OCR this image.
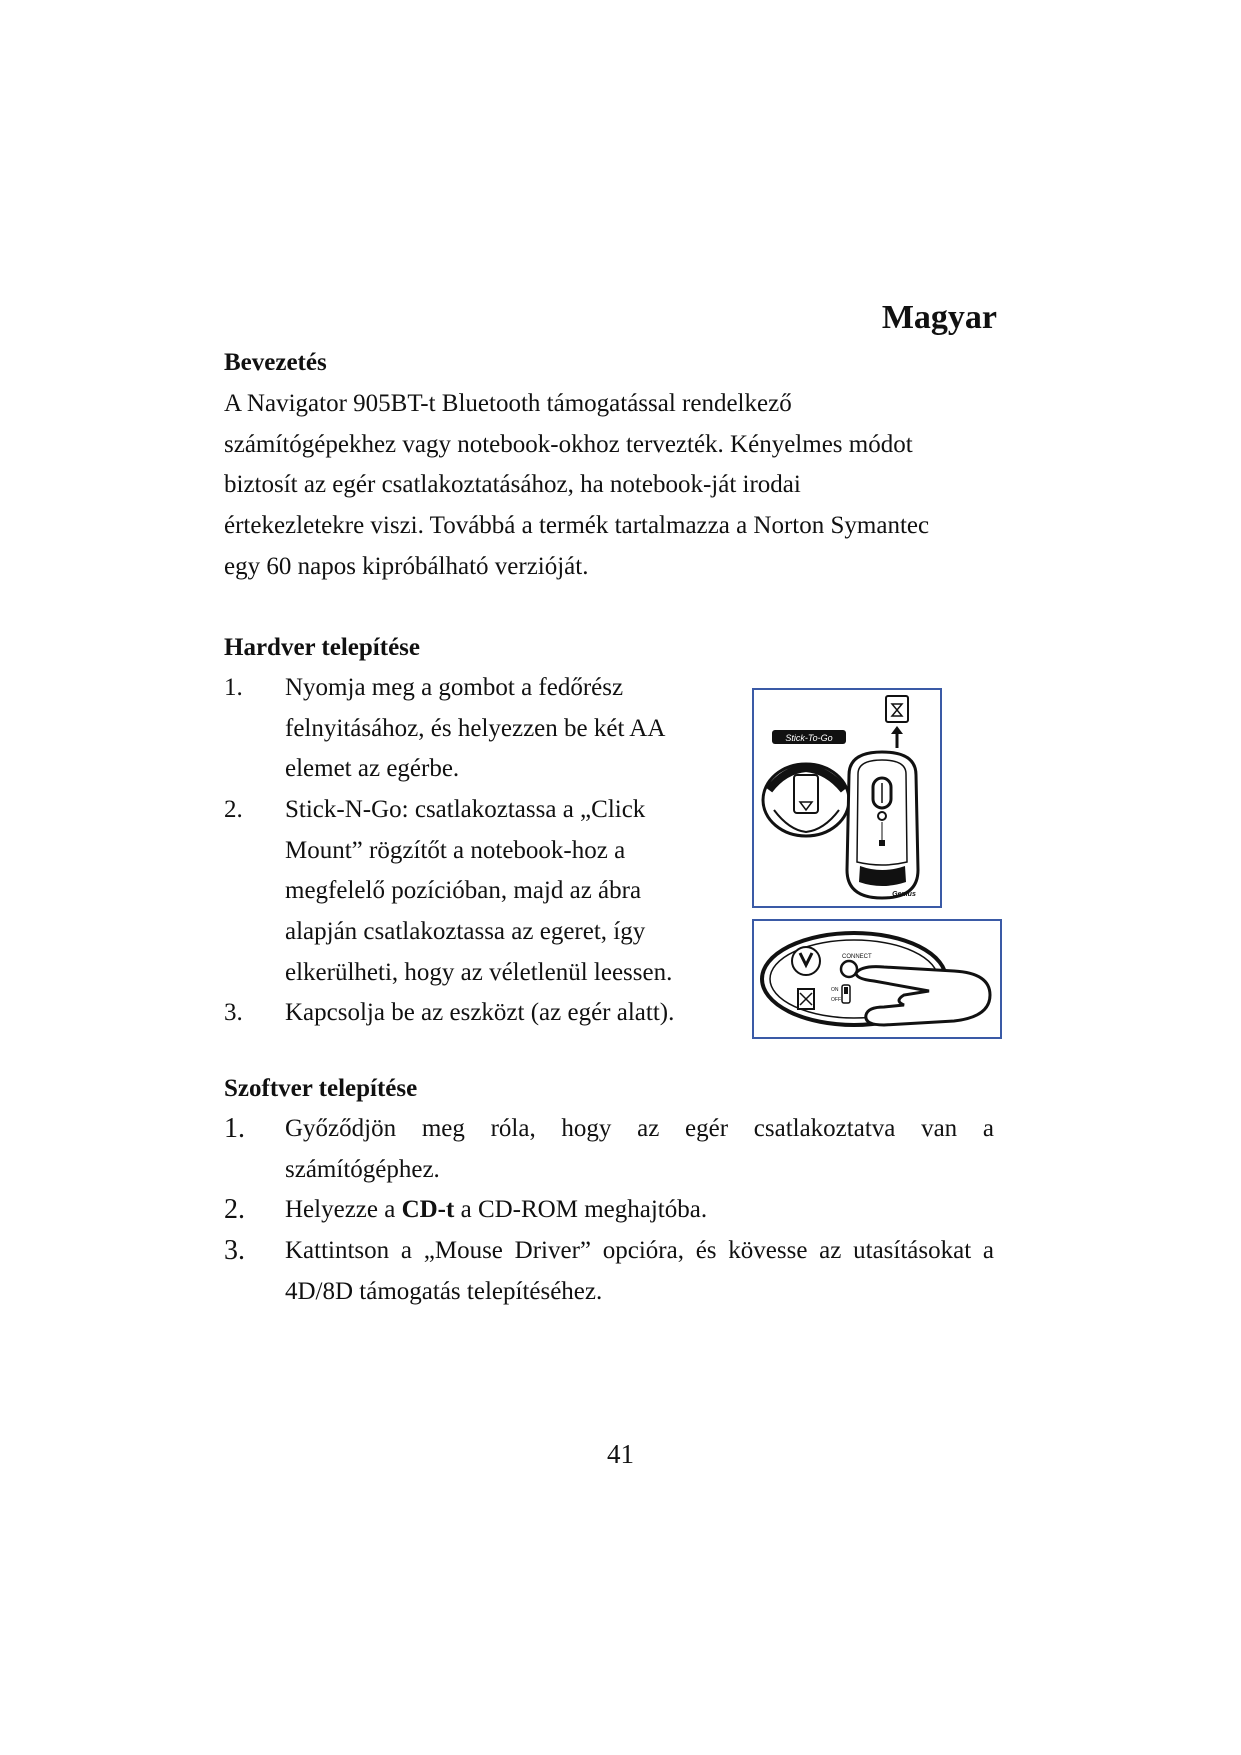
Magyar
Bevezetés
A Navigator 905BT-t Bluetooth támogatással rendelkező
számítógépekhez vagy notebook-okhoz tervezték. Kényelmes módot
biztosít az egér csatlakoztatásához, ha notebook-ját irodai
értekezletekre viszi. Továbbá a termék tartalmazza a Norton Symantec
egy 60 napos kipróbálható verzióját.
Hardver telepítése
1.	Nyomja meg a gombot a fedőrész
felnyitásához, és helyezzen be két AA
elemet az egérbe.
2.	Stick-N-Go: csatlakoztassa a „Click
Mount” rögzítőt a notebook-hoz a
megfelelő pozícióban, majd az ábra
alapján csatlakoztassa az egeret, így
elkerülheti, hogy az véletlenül leessen.
3.	Kapcsolja be az eszközt (az egér alatt).
Stick-To-Go
Genius
CONNECT
ON
OFF
Szoftver telepítése
1.	Győződjön meg róla, hogy az egér csatlakoztatva van a
számítógéphez.
2.	Helyezze a CD-t a CD-ROM meghajtóba.
3.	Kattintson a „Mouse Driver” opcióra, és kövesse az utasításokat a
4D/8D támogatás telepítéséhez.
41
